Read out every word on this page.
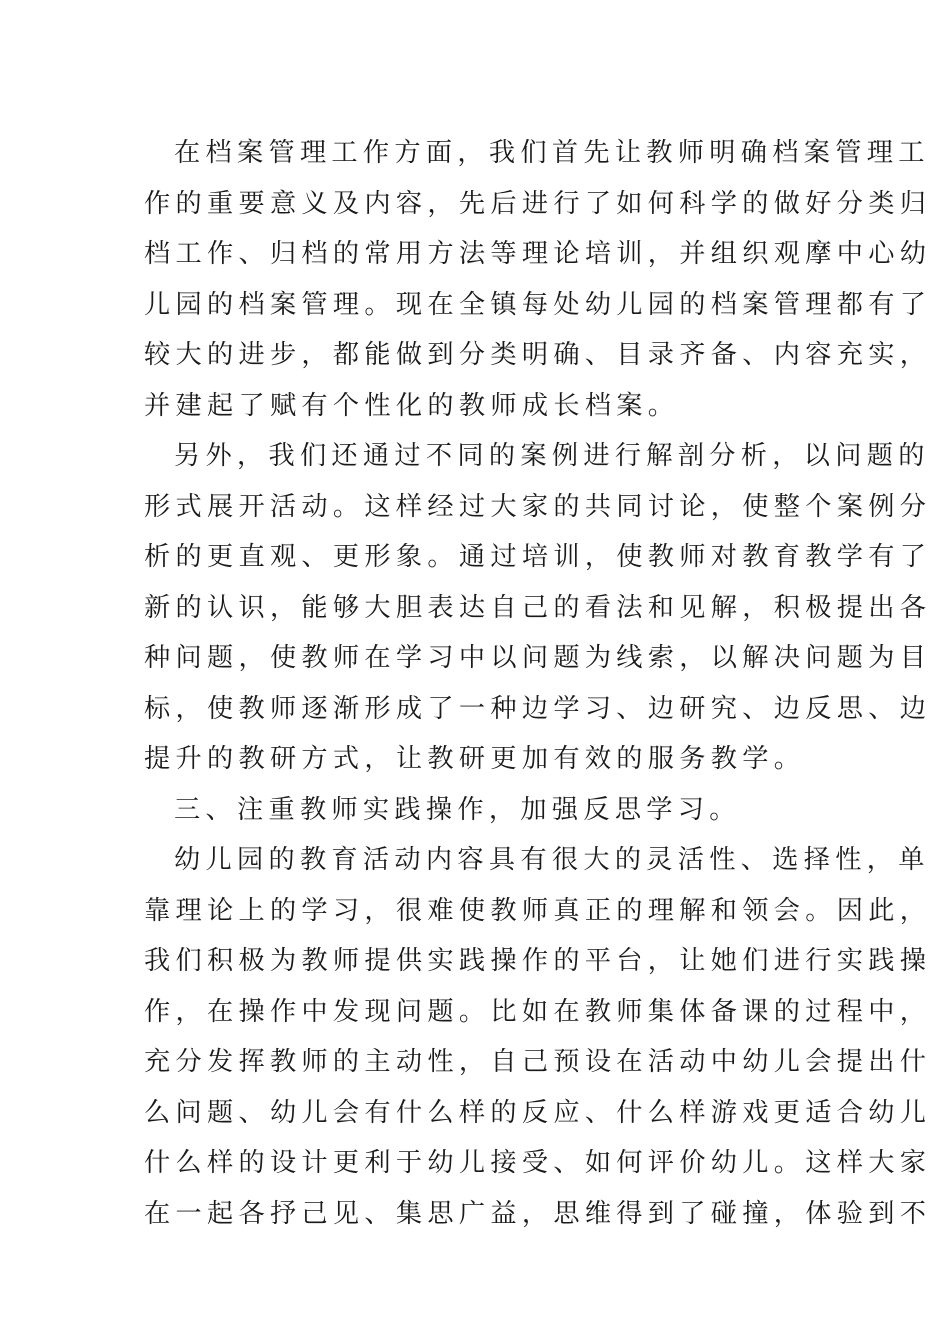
在档案管理工作方面，我们首先让教师明确档案管理工
作的重要意义及内容，先后进行了如何科学的做好分类归
档工作、归档的常用方法等理论培训，并组织观摩中心幼
儿园的档案管理。现在全镇每处幼儿园的档案管理都有了
较大的进步，都能做到分类明确、目录齐备、内容充实，
并建起了赋有个性化的教师成长档案。
另外，我们还通过不同的案例进行解剖分析，以问题的
形式展开活动。这样经过大家的共同讨论，使整个案例分
析的更直观、更形象。通过培训，使教师对教育教学有了
新的认识，能够大胆表达自己的看法和见解，积极提出各
种问题，使教师在学习中以问题为线索，以解决问题为目
标，使教师逐渐形成了一种边学习、边研究、边反思、边
提升的教研方式，让教研更加有效的服务教学。
三、注重教师实践操作，加强反思学习。
幼儿园的教育活动内容具有很大的灵活性、选择性，单
靠理论上的学习，很难使教师真正的理解和领会。因此，
我们积极为教师提供实践操作的平台，让她们进行实践操
作，在操作中发现问题。比如在教师集体备课的过程中，
充分发挥教师的主动性，自己预设在活动中幼儿会提出什
么问题、幼儿会有什么样的反应、什么样游戏更适合幼儿
什么样的设计更利于幼儿接受、如何评价幼儿。这样大家
在一起各抒己见、集思广益，思维得到了碰撞，体验到不
